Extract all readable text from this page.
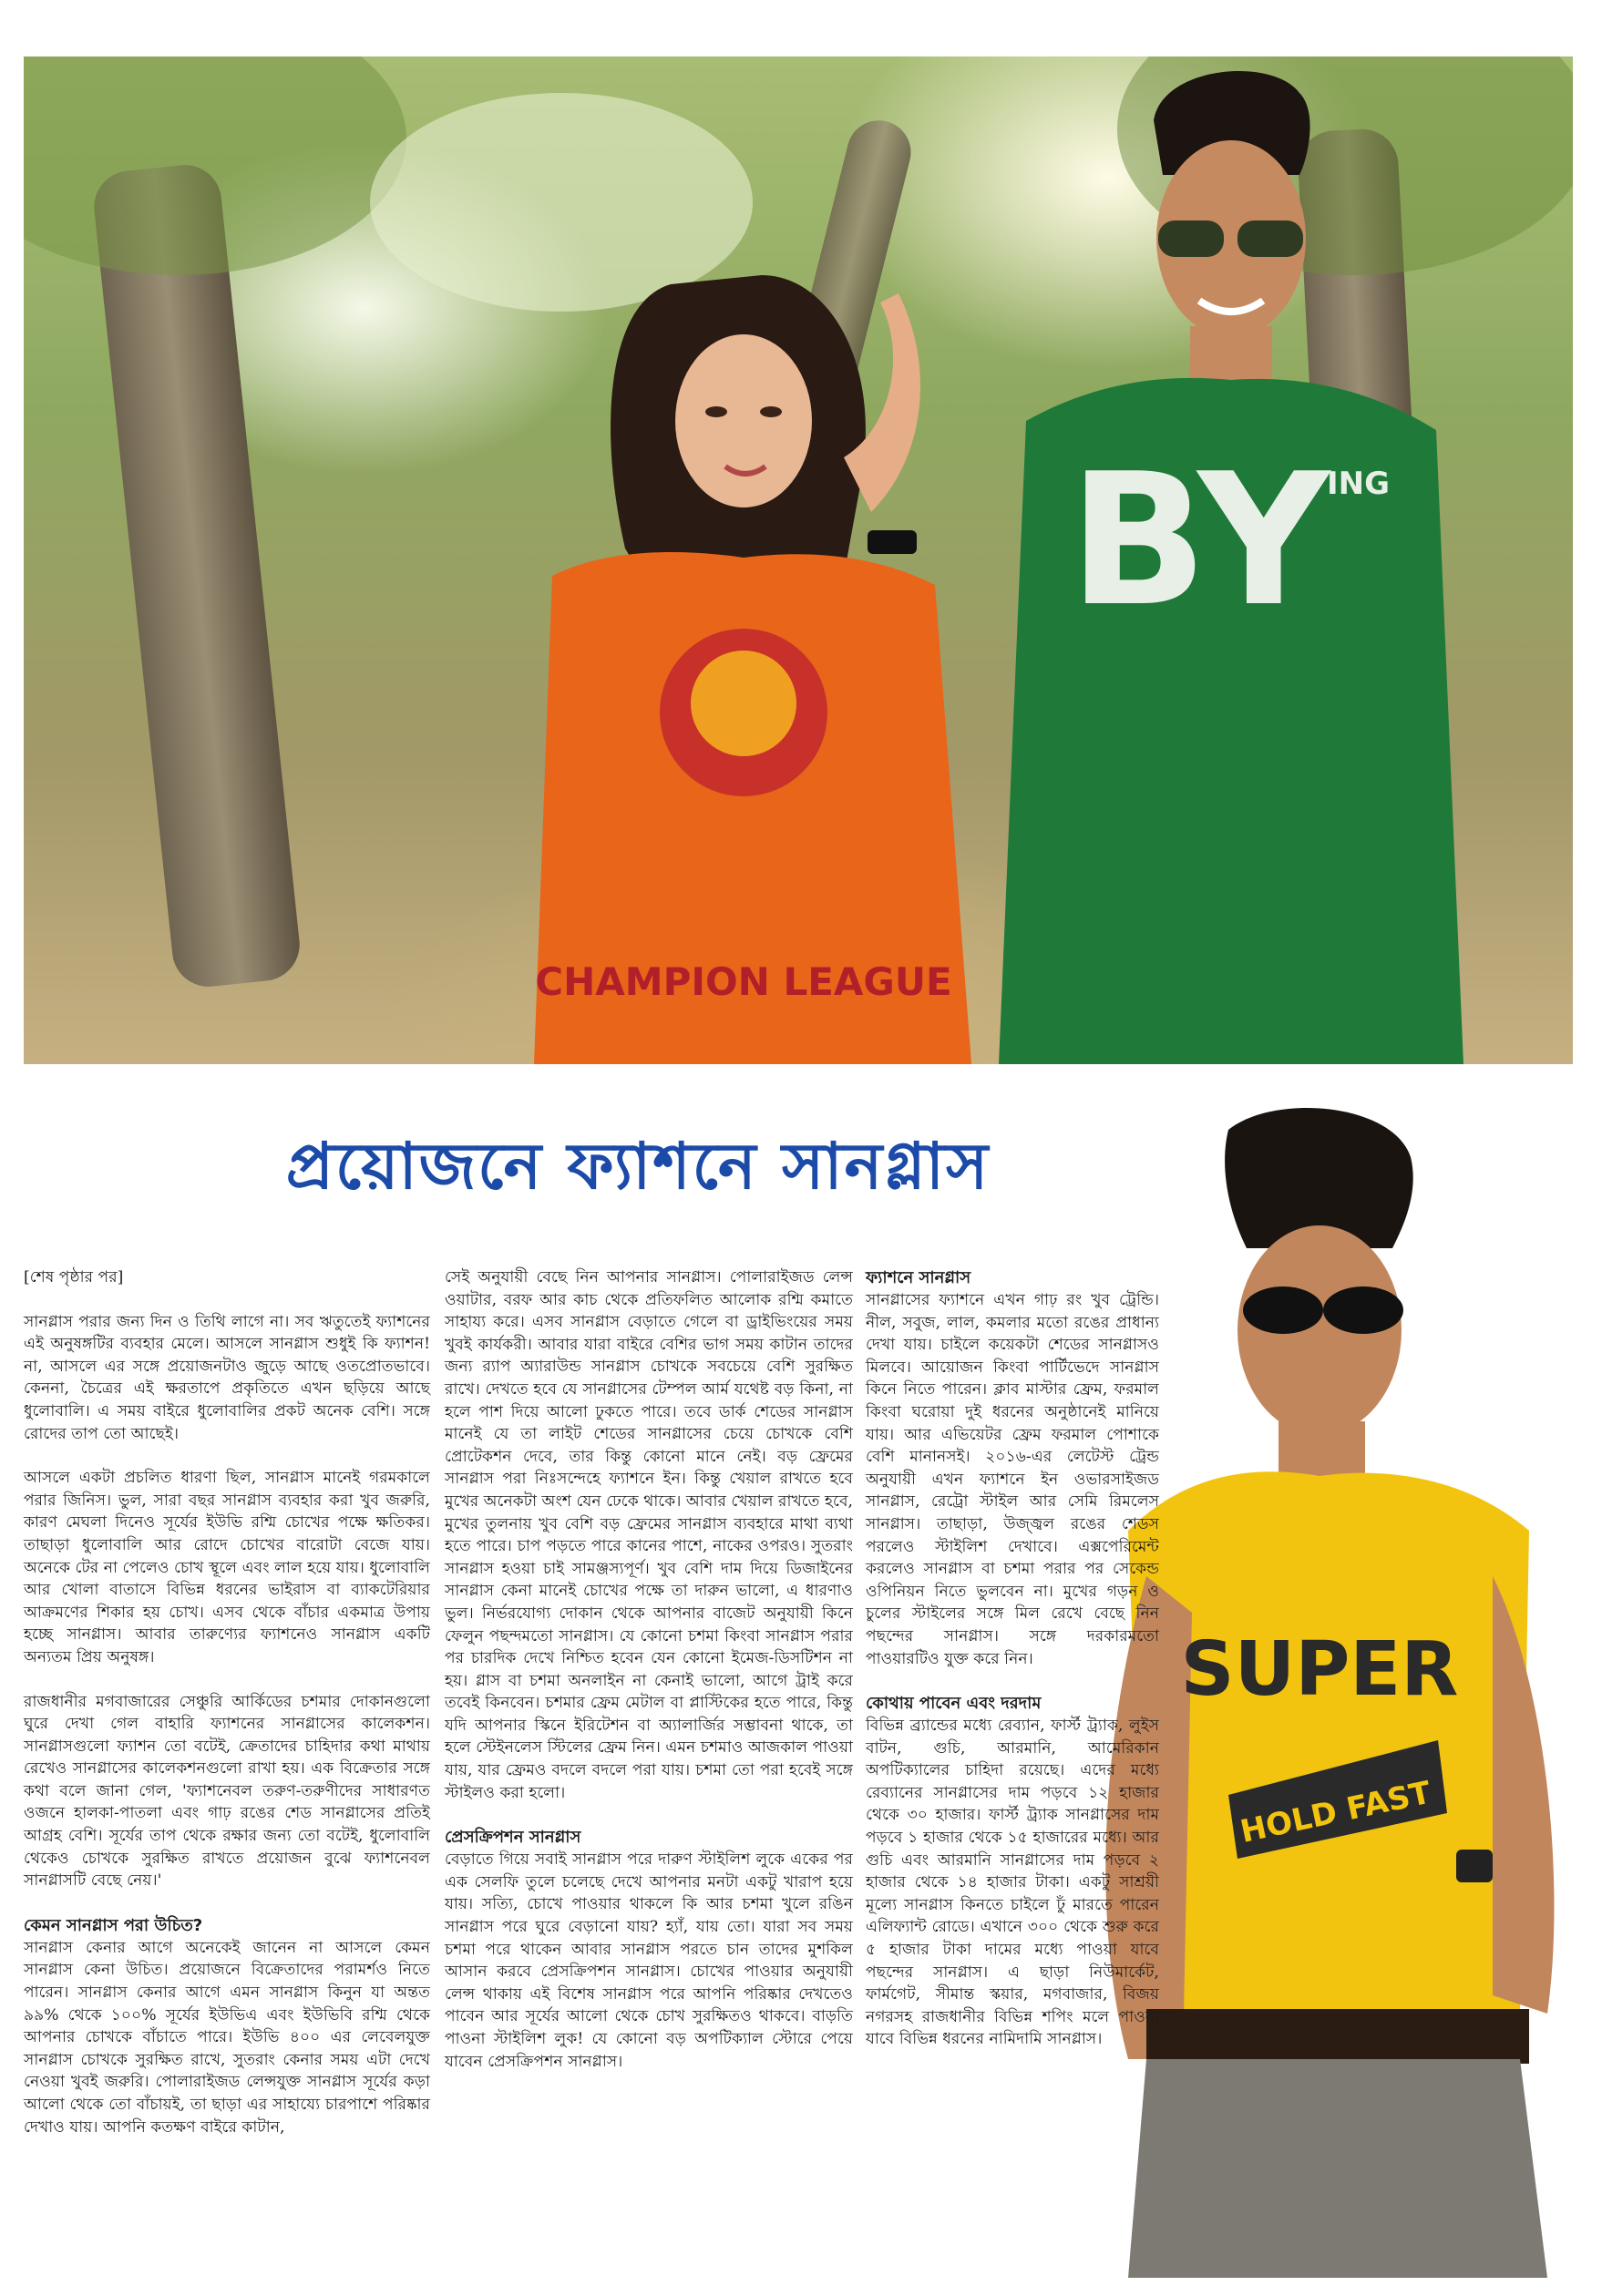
CHAMPION LEAGUE
BY
ING
প্রয়োজনে ফ্যাশনে সানগ্লাস
SUPER
HOLD FAST

[শেষ পৃষ্ঠার পর]

সানগ্লাস পরার জন্য দিন ও তিথি লাগে না। সব ঋতুতেই ফ্যাশনের এই অনুষঙ্গটির ব্যবহার মেলে। আসলে সানগ্লাস শুধুই কি ফ্যাশন! না, আসলে এর সঙ্গে প্রয়োজনটাও জুড়ে আছে ওতপ্রোতভাবে। কেননা, চৈত্রের এই ক্ষরতাপে প্রকৃতিতে এখন ছড়িয়ে আছে ধুলোবালি। এ সময় বাইরে ধুলোবালির প্রকট অনেক বেশি। সঙ্গে রোদের তাপ তো আছেই।

আসলে একটা প্রচলিত ধারণা ছিল, সানগ্লাস মানেই গরমকালে পরার জিনিস। ভুল, সারা বছর সানগ্লাস ব্যবহার করা খুব জরুরি, কারণ মেঘলা দিনেও সূর্যের ইউভি রশ্মি চোখের পক্ষে ক্ষতিকর। তাছাড়া ধুলোবালি আর রোদে চোখের বারোটা বেজে যায়। অনেকে টের না পেলেও চোখ স্থূলে এবং লাল হয়ে যায়। ধুলোবালি আর খোলা বাতাসে বিভিন্ন ধরনের ভাইরাস বা ব্যাকটেরিয়ার আক্রমণের শিকার হয় চোখ। এসব থেকে বাঁচার একমাত্র উপায় হচ্ছে সানগ্লাস। আবার তারুণ্যের ফ্যাশনেও সানগ্লাস একটি অন্যতম প্রিয় অনুষঙ্গ।

রাজধানীর মগবাজারের সেঞ্চুরি আর্কিডের চশমার দোকানগুলো ঘুরে দেখা গেল বাহারি ফ্যাশনের সানগ্লাসের কালেকশন। সানগ্লাসগুলো ফ্যাশন তো বটেই, ক্রেতাদের চাহিদার কথা মাথায় রেখেও সানগ্লাসের কালেকশনগুলো রাখা হয়। এক বিক্রেতার সঙ্গে কথা বলে জানা গেল, 'ফ্যাশনেবল তরুণ-তরুণীদের সাধারণত ওজনে হালকা-পাতলা এবং গাঢ় রঙের শেড সানগ্লাসের প্রতিই আগ্রহ বেশি। সূর্যের তাপ থেকে রক্ষার জন্য তো বটেই, ধুলোবালি থেকেও চোখকে সুরক্ষিত রাখতে প্রয়োজন বুঝে ফ্যাশনেবল সানগ্লাসটি বেছে নেয়।'

কেমন সানগ্লাস পরা উচিত?

সানগ্লাস কেনার আগে অনেকেই জানেন না আসলে কেমন সানগ্লাস কেনা উচিত। প্রয়োজনে বিক্রেতাদের পরামর্শও নিতে পারেন। সানগ্লাস কেনার আগে এমন সানগ্লাস কিনুন যা অন্তত ৯৯% থেকে ১০০% সূর্যের ইউভিএ এবং ইউভিবি রশ্মি থেকে আপনার চোখকে বাঁচাতে পারে। ইউভি ৪০০ এর লেবেলযুক্ত সানগ্লাস চোখকে সুরক্ষিত রাখে, সুতরাং কেনার সময় এটা দেখে নেওয়া খুবই জরুরি। পোলারাইজড লেন্সযুক্ত সানগ্লাস সূর্যের কড়া আলো থেকে তো বাঁচায়ই, তা ছাড়া এর সাহায্যে চারপাশে পরিষ্কার দেখাও যায়। আপনি কতক্ষণ বাইরে কাটান,

সেই অনুযায়ী বেছে নিন আপনার সানগ্লাস। পোলারাইজড লেন্স ওয়াটার, বরফ আর কাচ থেকে প্রতিফলিত আলোক রশ্মি কমাতে সাহায্য করে। এসব সানগ্লাস বেড়াতে গেলে বা ড্রাইভিংয়ের সময় খুবই কার্যকরী। আবার যারা বাইরে বেশির ভাগ সময় কাটান তাদের জন্য র‍্যাপ অ্যারাউন্ড সানগ্লাস চোখকে সবচেয়ে বেশি সুরক্ষিত রাখে। দেখতে হবে যে সানগ্লাসের টেম্পল আর্ম যথেষ্ট বড় কিনা, না হলে পাশ দিয়ে আলো ঢুকতে পারে। তবে ডার্ক শেডের সানগ্লাস মানেই যে তা লাইট শেডের সানগ্লাসের চেয়ে চোখকে বেশি প্রোটেকশন দেবে, তার কিন্তু কোনো মানে নেই। বড় ফ্রেমের সানগ্লাস পরা নিঃসন্দেহে ফ্যাশনে ইন। কিন্তু খেয়াল রাখতে হবে মুখের অনেকটা অংশ যেন ঢেকে থাকে। আবার খেয়াল রাখতে হবে, মুখের তুলনায় খুব বেশি বড় ফ্রেমের সানগ্লাস ব্যবহারে মাথা ব্যথা হতে পারে। চাপ পড়তে পারে কানের পাশে, নাকের ওপরও। সুতরাং সানগ্লাস হওয়া চাই সামঞ্জস্যপূর্ণ। খুব বেশি দাম দিয়ে ডিজাইনের সানগ্লাস কেনা মানেই চোখের পক্ষে তা দারুন ভালো, এ ধারণাও ভুল। নির্ভরযোগ্য দোকান থেকে আপনার বাজেট অনুযায়ী কিনে ফেলুন পছন্দমতো সানগ্লাস। যে কোনো চশমা কিংবা সানগ্লাস পরার পর চারদিক দেখে নিশ্চিত হবেন যেন কোনো ইমেজ-ডিসটিশন না হয়। গ্লাস বা চশমা অনলাইন না কেনাই ভালো, আগে ট্রাই করে তবেই কিনবেন। চশমার ফ্রেম মেটাল বা প্লাস্টিকের হতে পারে, কিন্তু যদি আপনার স্কিনে ইরিটেশন বা অ্যালার্জির সম্ভাবনা থাকে, তা হলে স্টেইনলেস স্টিলের ফ্রেম নিন। এমন চশমাও আজকাল পাওয়া যায়, যার ফ্রেমও বদলে বদলে পরা যায়। চশমা তো পরা হবেই সঙ্গে স্টাইলও করা হলো।

প্রেসক্রিপশন সানগ্লাস

বেড়াতে গিয়ে সবাই সানগ্লাস পরে দারুণ স্টাইলিশ লুকে একের পর এক সেলফি তুলে চলেছে দেখে আপনার মনটা একটু খারাপ হয়ে যায়। সত্যি, চোখে পাওয়ার থাকলে কি আর চশমা খুলে রঙিন সানগ্লাস পরে ঘুরে বেড়ানো যায়? হ্যাঁ, যায় তো। যারা সব সময় চশমা পরে থাকেন আবার সানগ্লাস পরতে চান তাদের মুশকিল আসান করবে প্রেসক্রিপশন সানগ্লাস। চোখের পাওয়ার অনুযায়ী লেন্স থাকায় এই বিশেষ সানগ্লাস পরে আপনি পরিষ্কার দেখতেও পাবেন আর সূর্যের আলো থেকে চোখ সুরক্ষিতও থাকবে। বাড়তি পাওনা স্টাইলিশ লুক! যে কোনো বড় অপটিক্যাল স্টোরে পেয়ে যাবেন প্রেসক্রিপশন সানগ্লাস।

ফ্যাশনে সানগ্লাস

সানগ্লাসের ফ্যাশনে এখন গাঢ় রং খুব ট্রেন্ডি। নীল, সবুজ, লাল, কমলার মতো রঙের প্রাধান্য দেখা যায়। চাইলে কয়েকটা শেডের সানগ্লাসও মিলবে। আয়োজন কিংবা পার্টিভেদে সানগ্লাস কিনে নিতে পারেন। ক্লাব মাস্টার ফ্রেম, ফরমাল কিংবা ঘরোয়া দুই ধরনের অনুষ্ঠানেই মানিয়ে যায়। আর এভিয়েটর ফ্রেম ফরমাল পোশাকে বেশি মানানসই। ২০১৬-এর লেটেস্ট ট্রেন্ড অনুযায়ী এখন ফ্যাশনে ইন ওভারসাইজড সানগ্লাস, রেট্রো স্টাইল আর সেমি রিমলেস সানগ্লাস। তাছাড়া, উজ্জ্বল রঙের শেডস পরলেও স্টাইলিশ দেখাবে। এক্সপেরিমেন্ট করলেও সানগ্লাস বা চশমা পরার পর সেকেন্ড ওপিনিয়ন নিতে ভুলবেন না। মুখের গড়ন ও চুলের স্টাইলের সঙ্গে মিল রেখে বেছে নিন পছন্দের সানগ্লাস। সঙ্গে দরকারমতো পাওয়ারটিও যুক্ত করে নিন।

কোথায় পাবেন এবং দরদাম

বিভিন্ন ব্র্যান্ডের মধ্যে রেব্যান, ফার্স্ট ট্র্যাক, লুইস বাটন, গুচি, আরমানি, আমেরিকান অপটিক্যালের চাহিদা রয়েছে। এদের মধ্যে রেব্যানের সানগ্লাসের দাম পড়বে ১২ হাজার থেকে ৩০ হাজার। ফার্স্ট ট্র্যাক সানগ্লাসের দাম পড়বে ১ হাজার থেকে ১৫ হাজারের মধ্যে। আর গুচি এবং আরমানি সানগ্লাসের দাম পড়বে ২ হাজার থেকে ১৪ হাজার টাকা। একটু সাশ্রয়ী মূল্যে সানগ্লাস কিনতে চাইলে ঢুঁ মারতে পারেন এলিফ্যান্ট রোডে। এখানে ৩০০ থেকে শুরু করে ৫ হাজার টাকা দামের মধ্যে পাওয়া যাবে পছন্দের সানগ্লাস। এ ছাড়া নিউমার্কেট, ফার্মগেট, সীমান্ত স্কয়ার, মগবাজার, বিজয় নগরসহ রাজধানীর বিভিন্ন শপিং মলে পাওয়া যাবে বিভিন্ন ধরনের নামিদামি সানগ্লাস।
